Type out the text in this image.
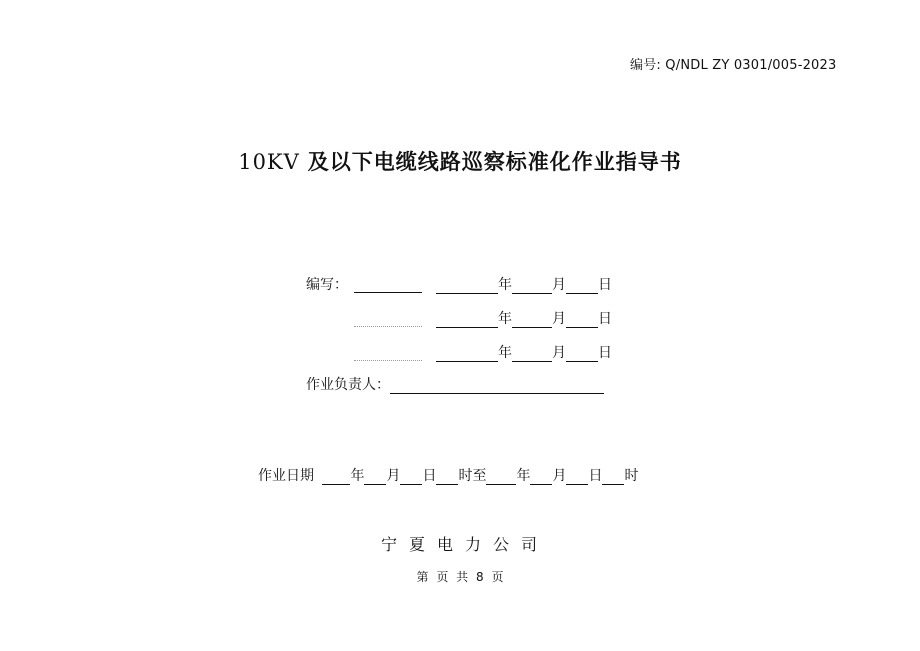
编号: Q/NDL ZY 0301/005-2023
10KV 及以下电缆线路巡察标准化作业指导书
编写：	年	月 日
年	月 日
年	月 日
作业负责人：
作业日期	年 月 日 时至 年 月 日 时
宁夏电力公司
第 页 共 8 页
